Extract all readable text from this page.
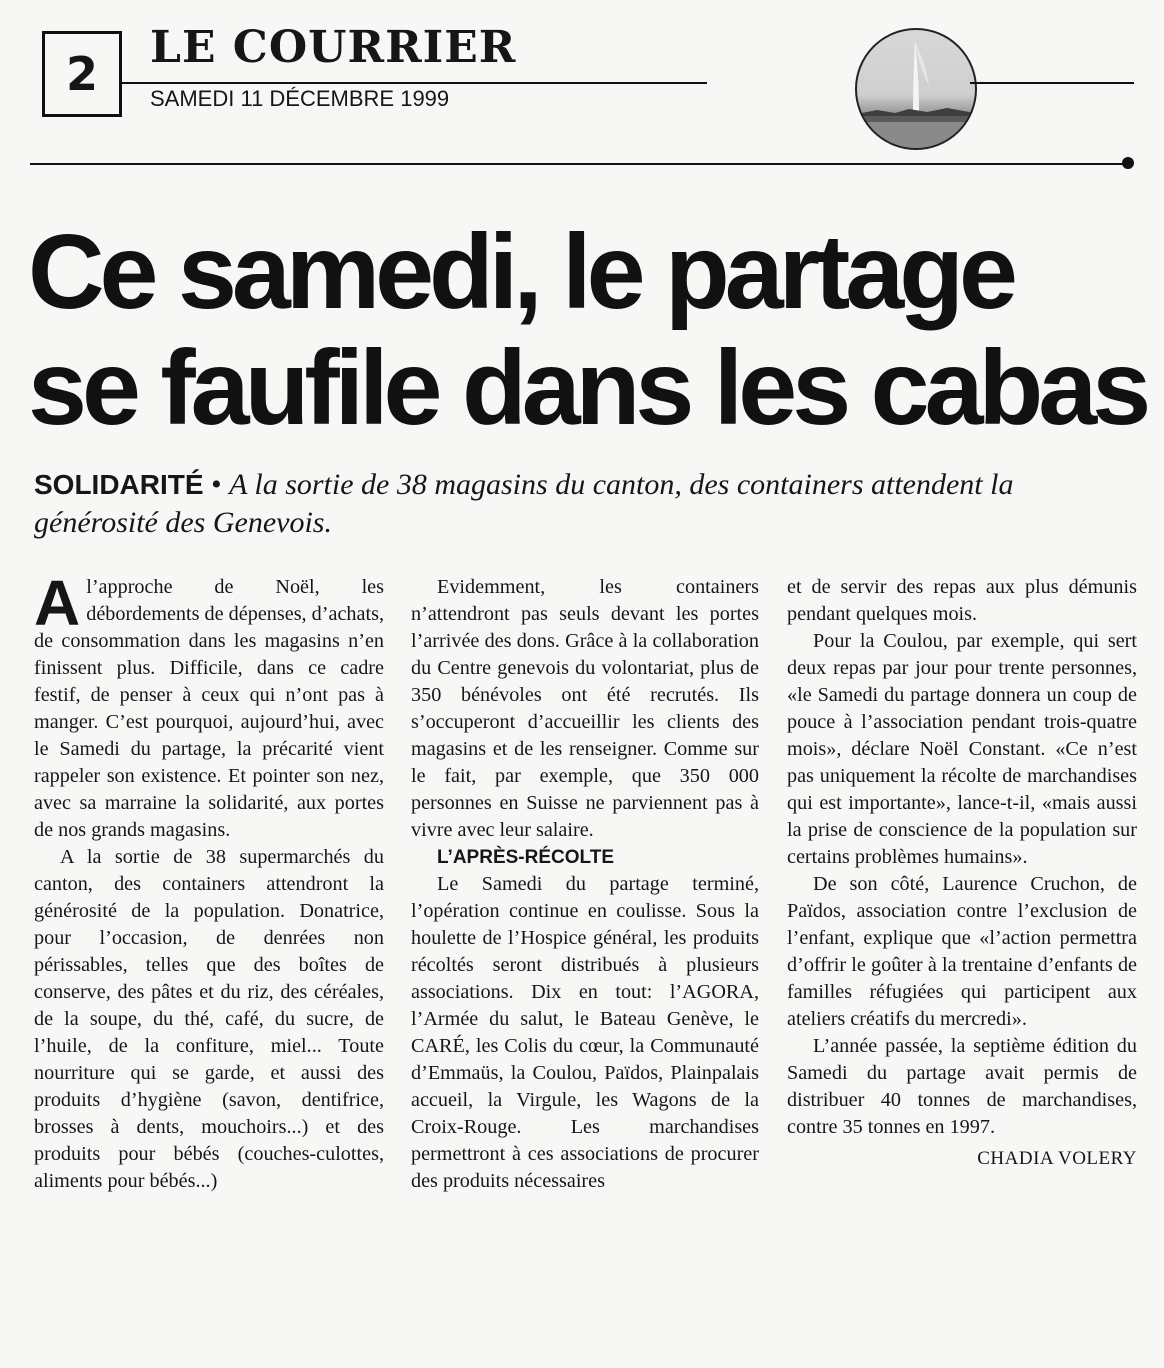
2	LE COURRIER
SAMEDI 11 DÉCEMBRE 1999
Ce samedi, le partage
se faufile dans les cabas
SOLIDARITÉ • A la sortie de 38 magasins du canton, des containers attendent la générosité des Genevois.

Al’approche de Noël, les débordements de dépenses, d’achats, de consommation dans les magasins n’en finissent plus. Difficile, dans ce cadre festif, de penser à ceux qui n’ont pas à manger. C’est pourquoi, aujourd’hui, avec le Samedi du partage, la précarité vient rappeler son existence. Et pointer son nez, avec sa marraine la solidarité, aux portes de nos grands magasins.

A la sortie de 38 supermarchés du canton, des containers attendront la générosité de la population. Donatrice, pour l’occasion, de denrées non périssables, telles que des boîtes de conserve, des pâtes et du riz, des céréales, de la soupe, du thé, café, du sucre, de l’huile, de la confiture, miel... Toute nourriture qui se garde, et aussi des produits d’hygiène (savon, dentifrice, brosses à dents, mouchoirs...) et des produits pour bébés (couches-culottes, aliments pour bébés...)

Evidemment, les containers n’attendront pas seuls devant les portes l’arrivée des dons. Grâce à la collaboration du Centre genevois du volontariat, plus de 350 bénévoles ont été recrutés. Ils s’occuperont d’accueillir les clients des magasins et de les renseigner. Comme sur le fait, par exemple, que 350 000 personnes en Suisse ne parviennent pas à vivre avec leur salaire.

L’APRÈS-RÉCOLTE

Le Samedi du partage terminé, l’opération continue en coulisse. Sous la houlette de l’Hospice général, les produits récoltés seront distribués à plusieurs associations. Dix en tout: l’AGORA, l’Armée du salut, le Bateau Genève, le CARÉ, les Colis du cœur, la Communauté d’Emmaüs, la Coulou, Païdos, Plainpalais accueil, la Virgule, les Wagons de la Croix-Rouge. Les marchandises permettront à ces associations de procurer des produits nécessaires

et de servir des repas aux plus démunis pendant quelques mois.

Pour la Coulou, par exemple, qui sert deux repas par jour pour trente personnes, «le Samedi du partage donnera un coup de pouce à l’association pendant trois-quatre mois», déclare Noël Constant. «Ce n’est pas uniquement la récolte de marchandises qui est importante», lance-t-il, «mais aussi la prise de conscience de la population sur certains problèmes humains».

De son côté, Laurence Cruchon, de Païdos, association contre l’exclusion de l’enfant, explique que «l’action permettra d’offrir le goûter à la trentaine d’enfants de familles réfugiées qui participent aux ateliers créatifs du mercredi».

L’année passée, la septième édition du Samedi du partage avait permis de distribuer 40 tonnes de marchandises, contre 35 tonnes en 1997.

CHADIA VOLERY
